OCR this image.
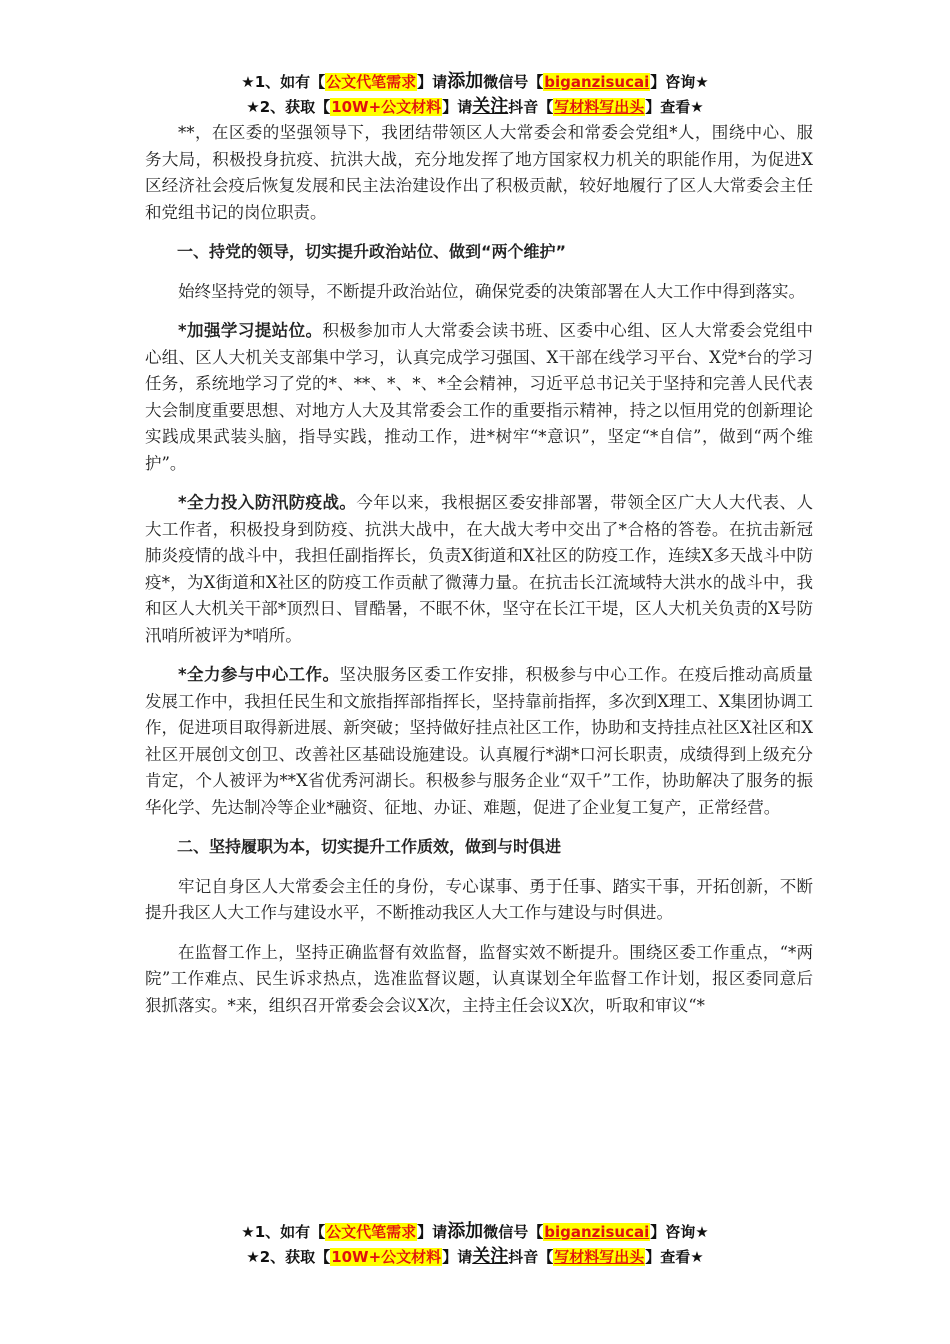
★1、如有【公文代笔需求】请添加微信号【biganzisucai】咨询★
★2、获取【10W+公文材料】请关注抖音【写材料写出头】查看★

**，在区委的坚强领导下，我团结带领区人大常委会和常委会党组*人，围绕中心、服务大局，积极投身抗疫、抗洪大战，充分地发挥了地方国家权力机关的职能作用，为促进X区经济社会疫后恢复发展和民主法治建设作出了积极贡献，较好地履行了区人大常委会主任和党组书记的岗位职责。

一、持党的领导，切实提升政治站位、做到“两个维护”

始终坚持党的领导，不断提升政治站位，确保党委的决策部署在人大工作中得到落实。

*加强学习提站位。积极参加市人大常委会读书班、区委中心组、区人大常委会党组中心组、区人大机关支部集中学习，认真完成学习强国、X干部在线学习平台、X党*台的学习任务，系统地学习了党的*、**、*、*、*全会精神，习近平总书记关于坚持和完善人民代表大会制度重要思想、对地方人大及其常委会工作的重要指示精神，持之以恒用党的创新理论实践成果武装头脑，指导实践，推动工作，进*树牢“*意识”，坚定“*自信”，做到“两个维护”。

*全力投入防汛防疫战。今年以来，我根据区委安排部署，带领全区广大人大代表、人大工作者，积极投身到防疫、抗洪大战中，在大战大考中交出了*合格的答卷。在抗击新冠肺炎疫情的战斗中，我担任副指挥长，负责X街道和X社区的防疫工作，连续X多天战斗中防疫*，为X街道和X社区的防疫工作贡献了微薄力量。在抗击长江流域特大洪水的战斗中，我和区人大机关干部*顶烈日、冒酷暑，不眠不休，坚守在长江干堤，区人大机关负责的X号防汛哨所被评为*哨所。

*全力参与中心工作。坚决服务区委工作安排，积极参与中心工作。在疫后推动高质量发展工作中，我担任民生和文旅指挥部指挥长，坚持靠前指挥，多次到X理工、X集团协调工作，促进项目取得新进展、新突破；坚持做好挂点社区工作，协助和支持挂点社区X社区和X社区开展创文创卫、改善社区基础设施建设。认真履行*湖*口河长职责，成绩得到上级充分肯定，个人被评为**X省优秀河湖长。积极参与服务企业“双千”工作，协助解决了服务的振华化学、先达制冷等企业*融资、征地、办证、难题，促进了企业复工复产，正常经营。

二、坚持履职为本，切实提升工作质效，做到与时俱进

牢记自身区人大常委会主任的身份，专心谋事、勇于任事、踏实干事，开拓创新，不断提升我区人大工作与建设水平，不断推动我区人大工作与建设与时俱进。

在监督工作上，坚持正确监督有效监督，监督实效不断提升。围绕区委工作重点，“*两院”工作难点、民生诉求热点，选准监督议题，认真谋划全年监督工作计划，报区委同意后狠抓落实。*来，组织召开常委会会议X次，主持主任会议X次，听取和审议“*

★1、如有【公文代笔需求】请添加微信号【biganzisucai】咨询★
★2、获取【10W+公文材料】请关注抖音【写材料写出头】查看★
